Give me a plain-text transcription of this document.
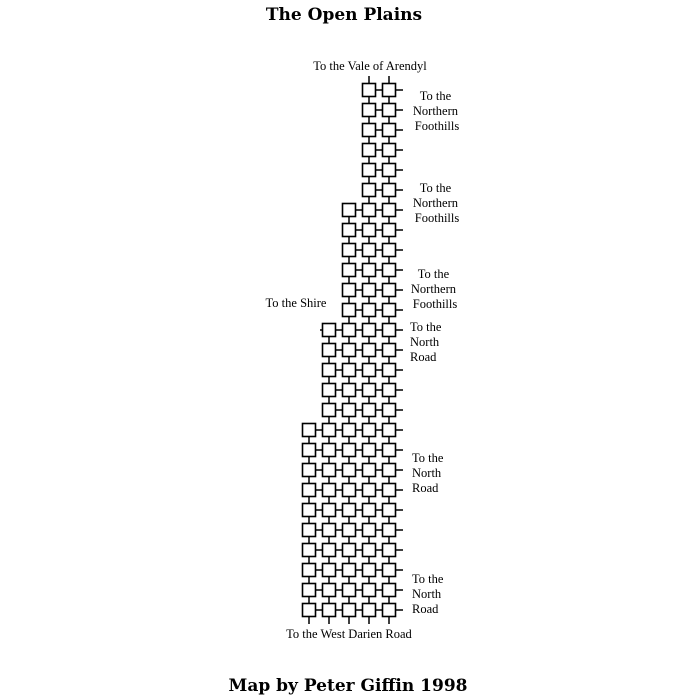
The Open Plains
To the Vale of Arendyl
To the Shire
To the West Darien Road
To the Northern Foothills
To the Northern Foothills
To the Northern Foothills
To the North Road
To the North Road
To the North Road
Map by Peter Giffin 1998
